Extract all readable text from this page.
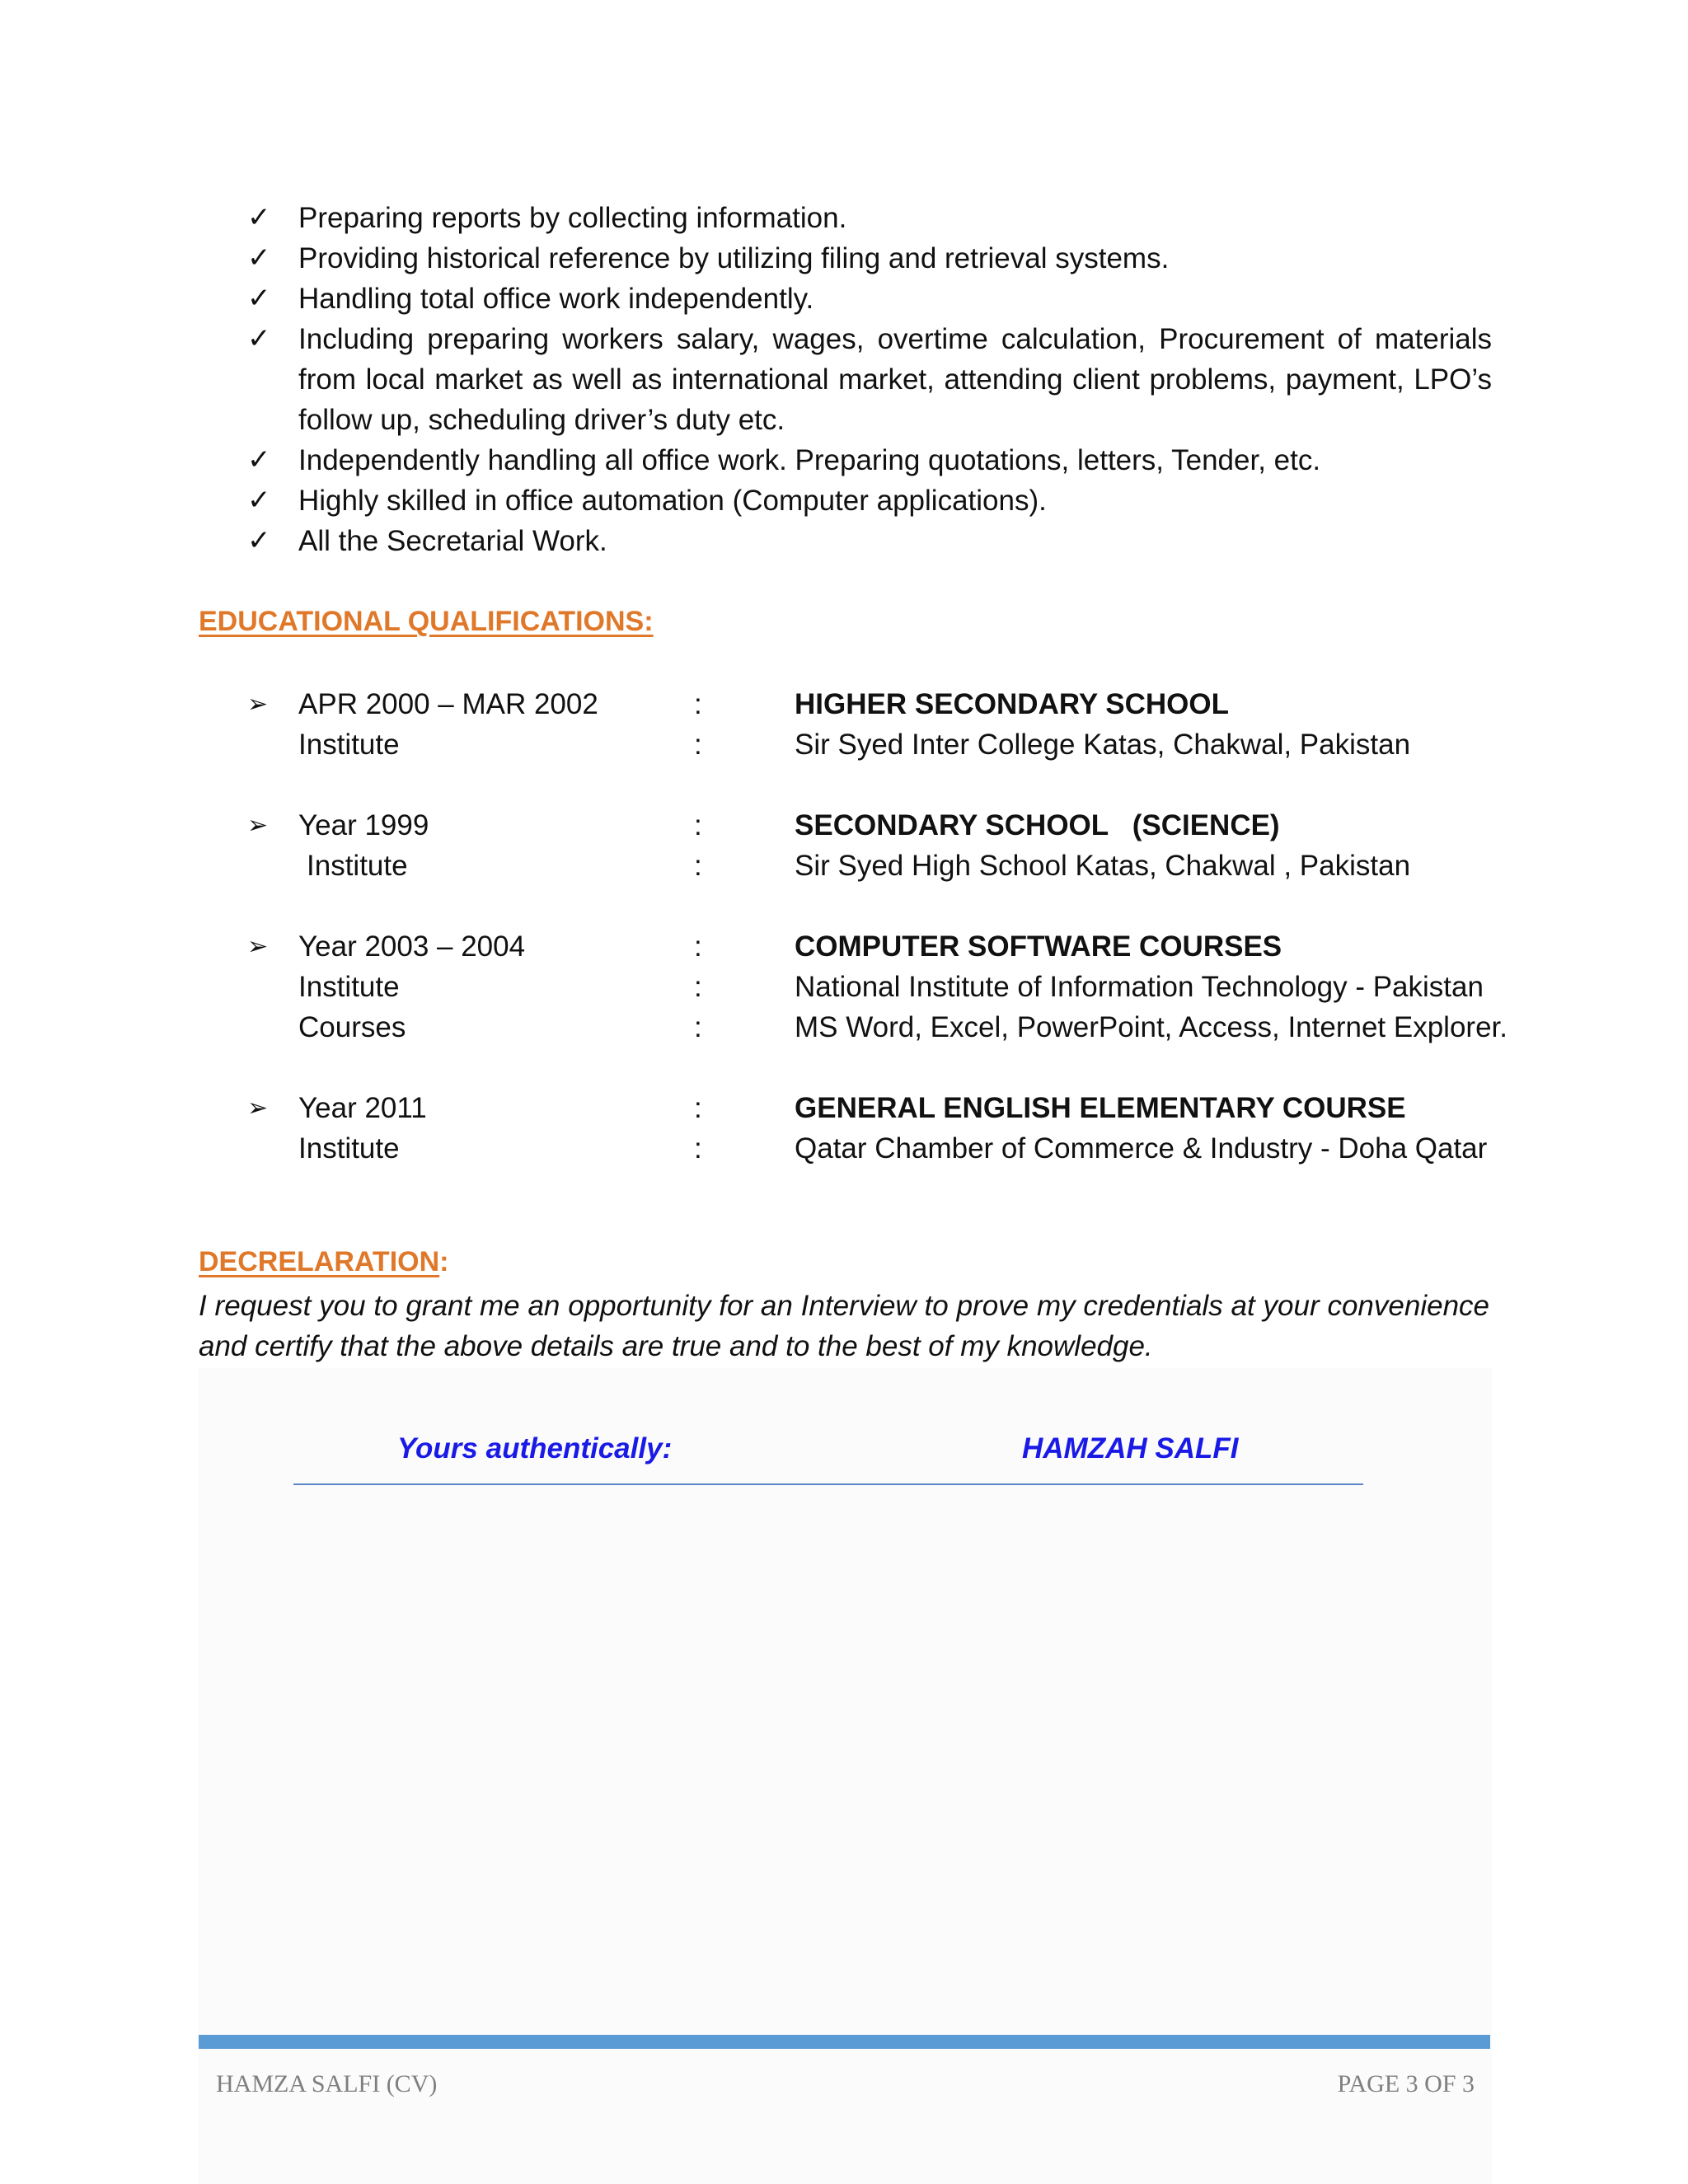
✓ Preparing reports by collecting information.
✓ Providing historical reference by utilizing filing and retrieval systems.
✓ Handling total office work independently.
✓ Including preparing workers salary, wages, overtime calculation, Procurement of materials from local market as well as international market, attending client problems, payment, LPO’s follow up, scheduling driver’s duty etc.
✓ Independently handling all office work. Preparing quotations, letters, Tender, etc.
✓ Highly skilled in office automation (Computer applications).
✓ All the Secretarial Work.
EDUCATIONAL QUALIFICATIONS:
➢ APR 2000 – MAR 2002	:	HIGHER SECONDARY SCHOOL
Institute	:	Sir Syed Inter College Katas, Chakwal, Pakistan
➢ Year 1999	:	SECONDARY SCHOOL   (SCIENCE)
Institute	:	Sir Syed High School Katas, Chakwal , Pakistan
➢ Year 2003 – 2004	:	COMPUTER SOFTWARE COURSES
Institute	:	National Institute of Information Technology - Pakistan
Courses	:	MS Word, Excel, PowerPoint, Access, Internet Explorer.
➢ Year 2011	:	GENERAL ENGLISH ELEMENTARY COURSE
Institute	:	Qatar Chamber of Commerce & Industry - Doha Qatar
DECRELARATION:
I request you to grant me an opportunity for an Interview to prove my credentials at your convenience and certify that the above details are true and to the best of my knowledge.
Yours authentically:	HAMZAH SALFI
HAMZA SALFI (CV)	PAGE 3 OF 3
